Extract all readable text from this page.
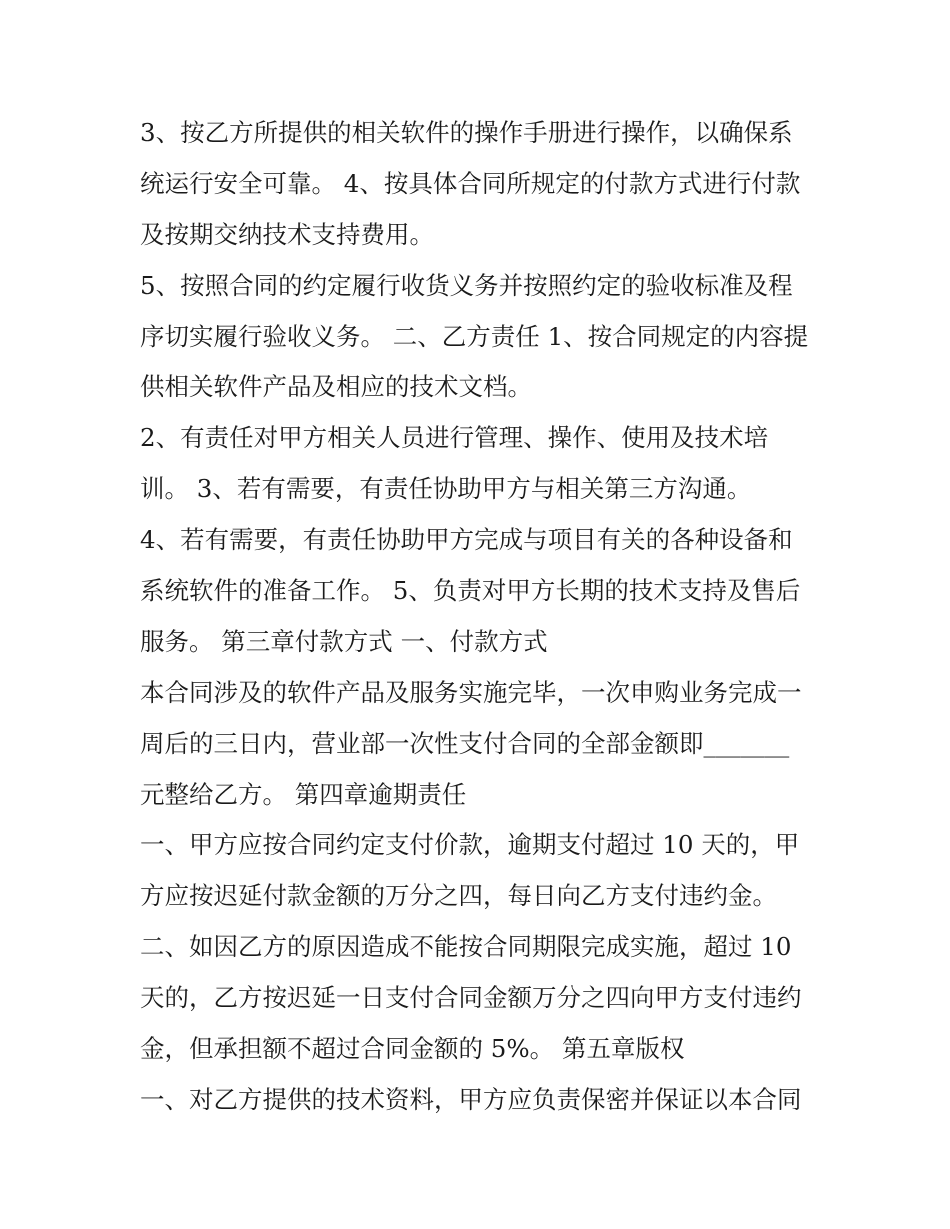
3、按乙方所提供的相关软件的操作手册进行操作，以确保系
统运行安全可靠。 4、按具体合同所规定的付款方式进行付款
及按期交纳技术支持费用。
5、按照合同的约定履行收货义务并按照约定的验收标准及程
序切实履行验收义务。 二、乙方责任 1、按合同规定的内容提
供相关软件产品及相应的技术文档。
2、有责任对甲方相关人员进行管理、操作、使用及技术培
训。 3、若有需要，有责任协助甲方与相关第三方沟通。
4、若有需要，有责任协助甲方完成与项目有关的各种设备和
系统软件的准备工作。 5、负责对甲方长期的技术支持及售后
服务。 第三章付款方式 一、付款方式
本合同涉及的软件产品及服务实施完毕，一次申购业务完成一
周后的三日内，营业部一次性支付合同的全部金额即_______
元整给乙方。 第四章逾期责任
一、甲方应按合同约定支付价款，逾期支付超过 10 天的，甲
方应按迟延付款金额的万分之四，每日向乙方支付违约金。
二、如因乙方的原因造成不能按合同期限完成实施，超过 10
天的，乙方按迟延一日支付合同金额万分之四向甲方支付违约
金，但承担额不超过合同金额的 5%。 第五章版权
一、对乙方提供的技术资料，甲方应负责保密并保证以本合同
